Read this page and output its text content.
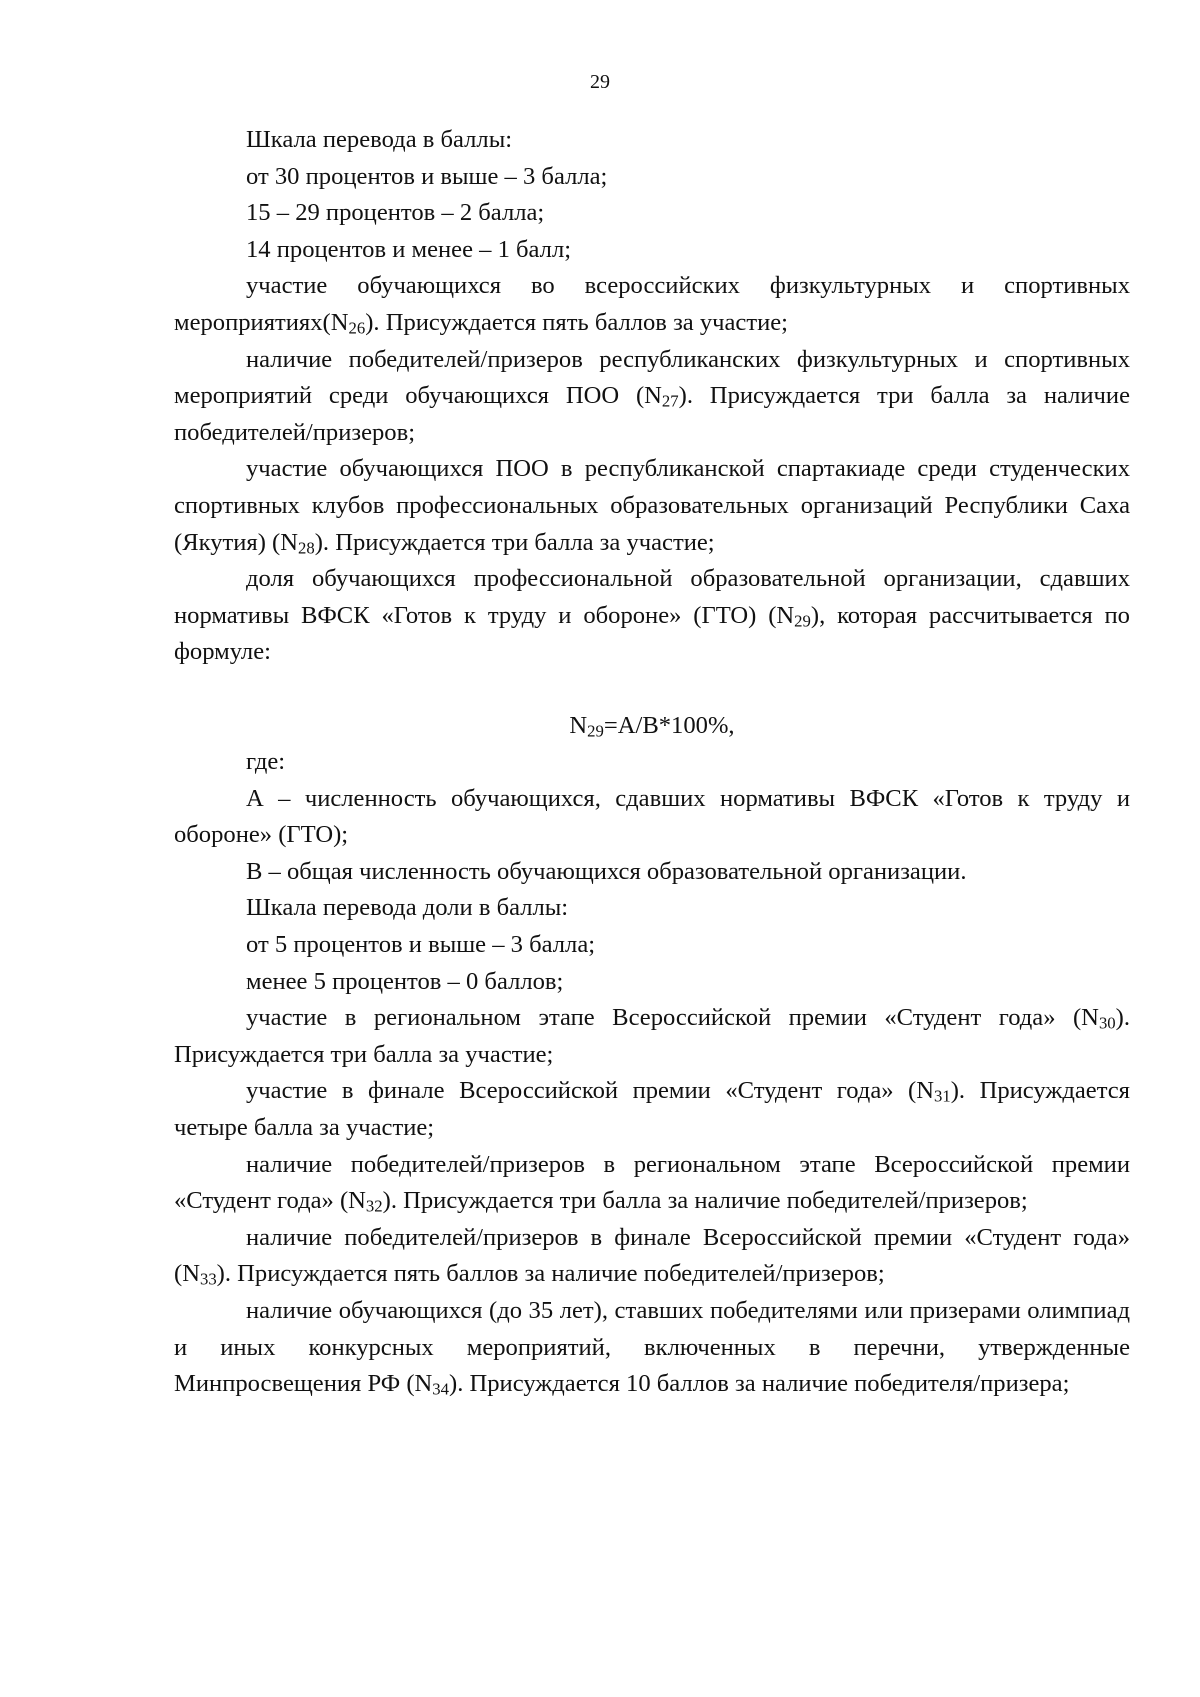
29

Шкала перевода в баллы:

от 30 процентов и выше – 3 балла;

15 – 29 процентов – 2 балла;

14 процентов и менее – 1 балл;

участие обучающихся во всероссийских физкультурных и спортивных $мероприятиях(N_{26})$. Присуждается пять баллов за участие;

наличие победителей/призеров республиканских физкультурных и спортивных мероприятий среди обучающихся ПОО $(N_{27})$. Присуждается три балла за наличие победителей/призеров;

участие обучающихся ПОО в республиканской спартакиаде среди студенческих спортивных клубов профессиональных образовательных организаций Республики Саха (Якутия) $(N_{28})$. Присуждается три балла за участие;

доля обучающихся профессиональной образовательной организации, сдавших нормативы ВФСК «Готов к труду и обороне» (ГТО) $(N_{29})$, которая рассчитывается по формуле:

$N_{29}=A/B*100\%$,

где:

А – численность обучающихся, сдавших нормативы ВФСК «Готов к труду и обороне» (ГТО);

В – общая численность обучающихся образовательной организации.

Шкала перевода доли в баллы:

от 5 процентов и выше – 3 балла;

менее 5 процентов – 0 баллов;

участие в региональном этапе Всероссийской премии «Студент года» $(N_{30})$. Присуждается три балла за участие;

участие в финале Всероссийской премии «Студент года» $(N_{31})$. Присуждается четыре балла за участие;

наличие победителей/призеров в региональном этапе Всероссийской премии «Студент года» $(N_{32})$. Присуждается три балла за наличие победителей/призеров;

наличие победителей/призеров в финале Всероссийской премии «Студент года» $(N_{33})$. Присуждается пять баллов за наличие победителей/призеров;

наличие обучающихся (до 35 лет), ставших победителями или призерами олимпиад и иных конкурсных мероприятий, включенных в перечни, утвержденные Минпросвещения РФ $(N_{34})$. Присуждается 10 баллов за наличие победителя/призера;
